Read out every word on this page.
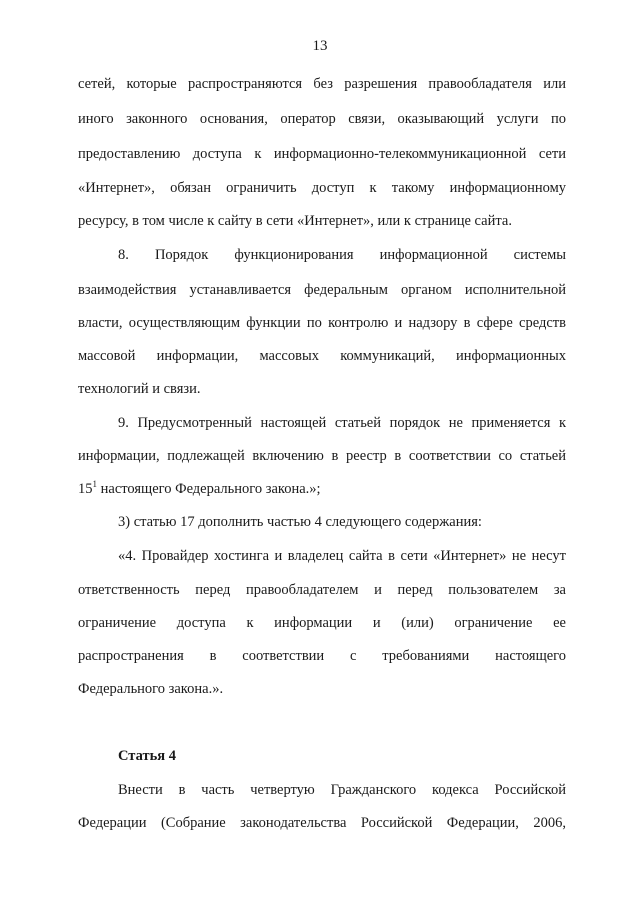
13
сетей, которые распространяются без разрешения правообладателя или
иного законного основания, оператор связи, оказывающий услуги по
предоставлению доступа к информационно-телекоммуникационной сети
«Интернет», обязан ограничить доступ к такому информационному
ресурсу, в том числе к сайту в сети «Интернет», или к странице сайта.
8. Порядок функционирования информационной системы
взаимодействия устанавливается федеральным органом исполнительной
власти, осуществляющим функции по контролю и надзору в сфере средств
массовой информации, массовых коммуникаций, информационных
технологий и связи.
9. Предусмотренный настоящей статьей порядок не применяется к
информации, подлежащей включению в реестр в соответствии со статьей
$15^1$ настоящего Федерального закона.»;
3) статью 17 дополнить частью 4 следующего содержания:
«4. Провайдер хостинга и владелец сайта в сети «Интернет» не несут
ответственность перед правообладателем и перед пользователем за
ограничение доступа к информации и (или) ограничение ее
распространения в соответствии с требованиями настоящего
Федерального закона.».
Статья 4
Внести в часть четвертую Гражданского кодекса Российской
Федерации (Собрание законодательства Российской Федерации, 2006,
